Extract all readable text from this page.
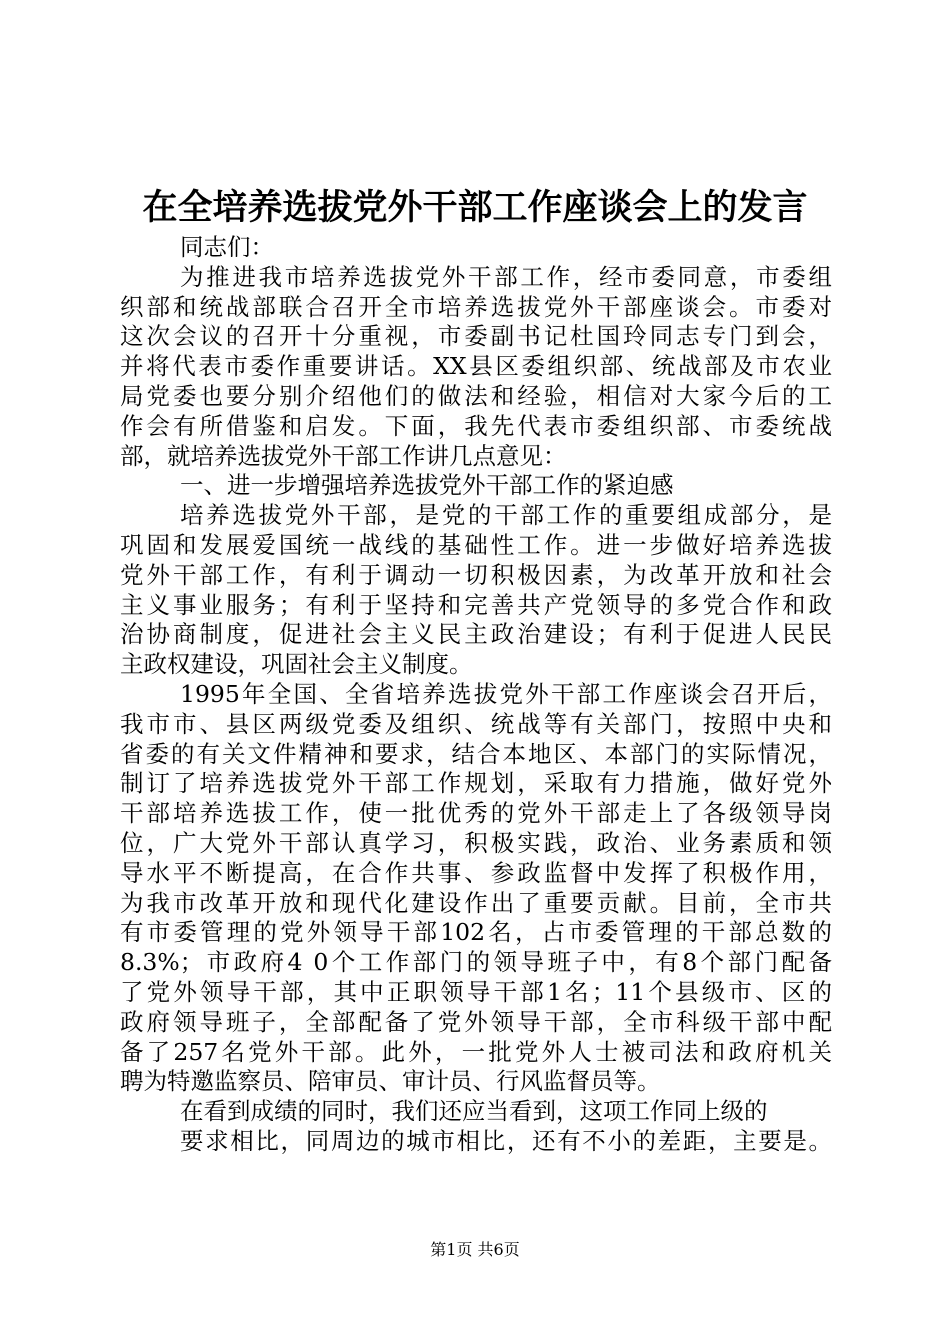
在全培养选拔党外干部工作座谈会上的发言
同志们：
为推进我市培养选拔党外干部工作，经市委同意，市委组
织部和统战部联合召开全市培养选拔党外干部座谈会。市委对
这次会议的召开十分重视，市委副书记杜国玲同志专门到会，
并将代表市委作重要讲话。XX县区委组织部、统战部及市农业
局党委也要分别介绍他们的做法和经验，相信对大家今后的工
作会有所借鉴和启发。下面，我先代表市委组织部、市委统战
部，就培养选拔党外干部工作讲几点意见：
一、进一步增强培养选拔党外干部工作的紧迫感
培养选拔党外干部，是党的干部工作的重要组成部分，是
巩固和发展爱国统一战线的基础性工作。进一步做好培养选拔
党外干部工作，有利于调动一切积极因素，为改革开放和社会
主义事业服务；有利于坚持和完善共产党领导的多党合作和政
治协商制度，促进社会主义民主政治建设；有利于促进人民民
主政权建设，巩固社会主义制度。
1995年全国、全省培养选拔党外干部工作座谈会召开后，
我市市、县区两级党委及组织、统战等有关部门，按照中央和
省委的有关文件精神和要求，结合本地区、本部门的实际情况，
制订了培养选拔党外干部工作规划，采取有力措施，做好党外
干部培养选拔工作，使一批优秀的党外干部走上了各级领导岗
位，广大党外干部认真学习，积极实践，政治、业务素质和领
导水平不断提高，在合作共事、参政监督中发挥了积极作用，
为我市改革开放和现代化建设作出了重要贡献。目前，全市共
有市委管理的党外领导干部102名，占市委管理的干部总数的
8.3%；市政府4 0个工作部门的领导班子中，有8个部门配备
了党外领导干部，其中正职领导干部1名；11个县级市、区的
政府领导班子，全部配备了党外领导干部，全市科级干部中配
备了257名党外干部。此外，一批党外人士被司法和政府机关
聘为特邀监察员、陪审员、审计员、行风监督员等。
在看到成绩的同时，我们还应当看到，这项工作同上级的
要求相比，同周边的城市相比，还有不小的差距，主要是。
第1页 共6页
